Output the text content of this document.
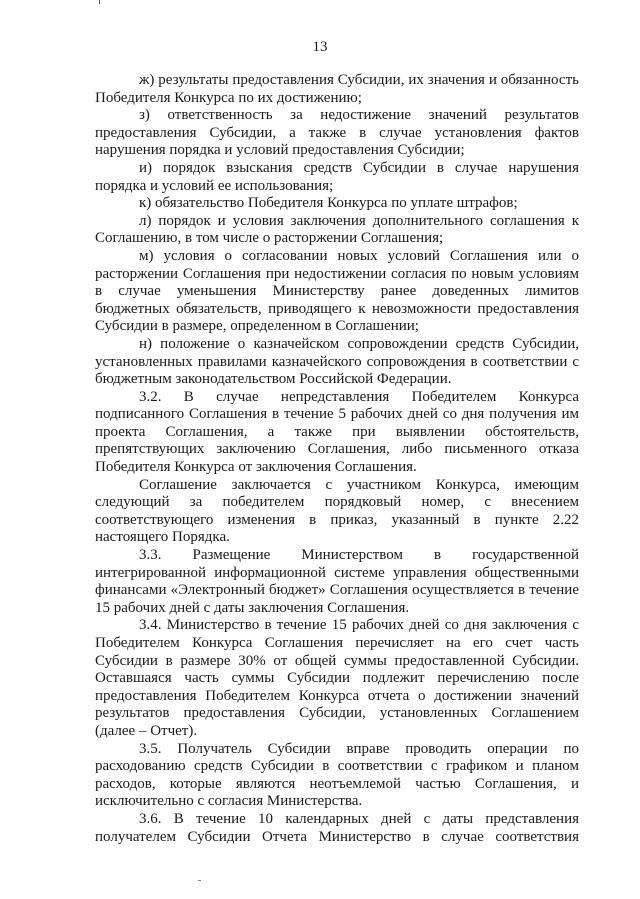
13

ж) результаты предоставления Субсидии, их значения и обязанность Победителя Конкурса по их достижению;

з) ответственность за недостижение значений результатов предоставления Субсидии, а также в случае установления фактов нарушения порядка и условий предоставления Субсидии;

и) порядок взыскания средств Субсидии в случае нарушения порядка и условий ее использования;

к) обязательство Победителя Конкурса по уплате штрафов;

л) порядок и условия заключения дополнительного соглашения к Соглашению, в том числе о расторжении Соглашения;

м) условия о согласовании новых условий Соглашения или о расторжении Соглашения при недостижении согласия по новым условиям в случае уменьшения Министерству ранее доведенных лимитов бюджетных обязательств, приводящего к невозможности предоставления Субсидии в размере, определенном в Соглашении;

н) положение о казначейском сопровождении средств Субсидии, установленных правилами казначейского сопровождения в соответствии с бюджетным законодательством Российской Федерации.

3.2. В случае непредставления Победителем Конкурса подписанного Соглашения в течение 5 рабочих дней со дня получения им проекта Соглашения, а также при выявлении обстоятельств, препятствующих заключению Соглашения, либо письменного отказа Победителя Конкурса от заключения Соглашения.

Соглашение заключается с участником Конкурса, имеющим следующий за победителем порядковый номер, с внесением соответствующего изменения в приказ, указанный в пункте 2.22 настоящего Порядка.

3.3. Размещение Министерством в государственной интегрированной информационной системе управления общественными финансами «Электронный бюджет» Соглашения осуществляется в течение 15 рабочих дней с даты заключения Соглашения.

3.4. Министерство в течение 15 рабочих дней со дня заключения с Победителем Конкурса Соглашения перечисляет на его счет часть Субсидии в размере 30% от общей суммы предоставленной Субсидии. Оставшаяся часть суммы Субсидии подлежит перечислению после предоставления Победителем Конкурса отчета о достижении значений результатов предоставления Субсидии, установленных Соглашением (далее – Отчет).

3.5. Получатель Субсидии вправе проводить операции по расходованию средств Субсидии в соответствии с графиком и планом расходов, которые являются неотъемлемой частью Соглашения, и исключительно с согласия Министерства.

3.6. В течение 10 календарных дней с даты представления получателем Субсидии Отчета Министерство в случае соответствия
